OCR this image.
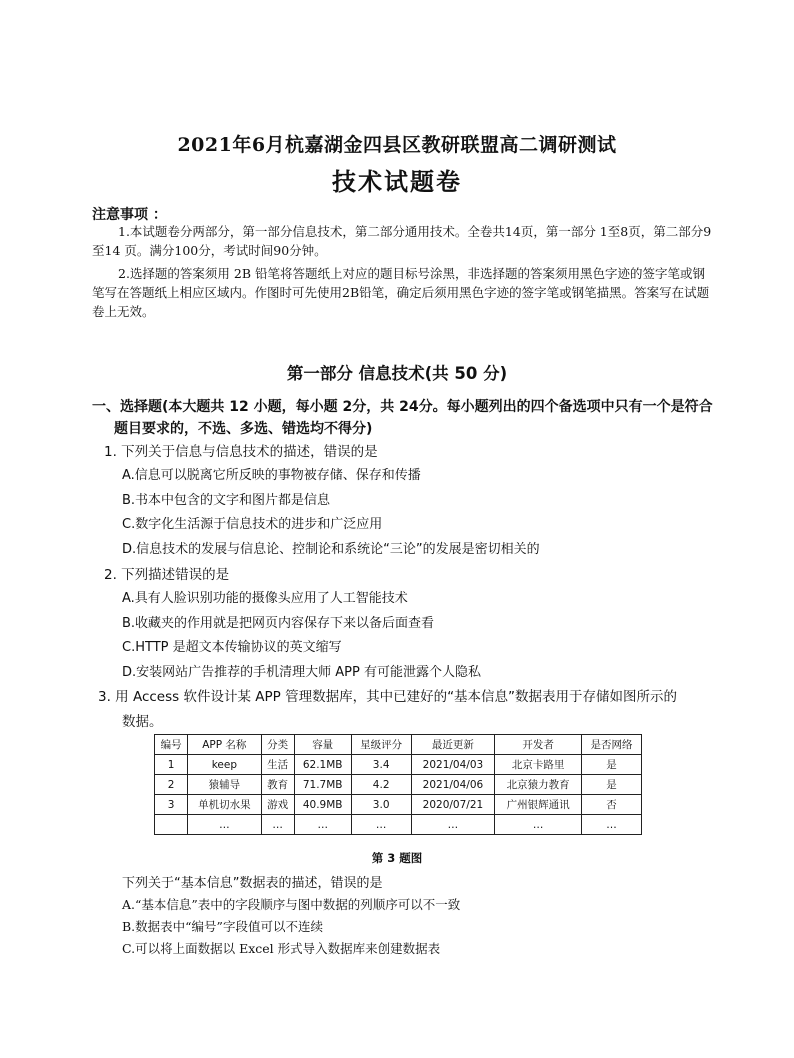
2021年6月杭嘉湖金四县区教研联盟高二调研测试
技术试题卷
注意事项 ：
1.本试题卷分两部分，第一部分信息技术，第二部分通用技术。全卷共14页，第一部分 1至8页，第二部分9至14 页。满分100分，考试时间90分钟。
2.选择题的答案须用 2B 铅笔将答题纸上对应的题目标号涂黑，非选择题的答案须用黑色字迹的签字笔或钢笔写在答题纸上相应区域内。作图时可先使用2B铅笔，确定后须用黑色字迹的签字笔或钢笔描黑。答案写在试题卷上无效。
第一部分 信息技术(共 50 分)
一、选择题(本大题共 12 小题，每小题 2分，共 24分。每小题列出的四个备选项中只有一个是符合
题目要求的，不选、多选、错选均不得分)
1. 下列关于信息与信息技术的描述，错误的是
A.信息可以脱离它所反映的事物被存储、保存和传播
B.书本中包含的文字和图片都是信息
C.数字化生活源于信息技术的进步和广泛应用
D.信息技术的发展与信息论、控制论和系统论“三论”的发展是密切相关的
2. 下列描述错误的是
A.具有人脸识别功能的摄像头应用了人工智能技术
B.收藏夹的作用就是把网页内容保存下来以备后面查看
C.HTTP 是超文本传输协议的英文缩写
D.安装网站广告推荐的手机清理大师 APP 有可能泄露个人隐私
3. 用 Access 软件设计某 APP 管理数据库，其中已建好的“基本信息”数据表用于存储如图所示的
数据。
编号	APP 名称	分类	容量	星级评分	最近更新	开发者	是否网络
1	keep	生活	62.1MB	3.4	2021/04/03	北京卡路里	是
2	猿辅导	教育	71.7MB	4.2	2021/04/06	北京猿力教育	是
3	单机切水果	游戏	40.9MB	3.0	2020/07/21	广州银辉通讯	否
	…	…	…	…	…	…	…
第 3 题图
下列关于“基本信息”数据表的描述，错误的是
A.“基本信息”表中的字段顺序与图中数据的列顺序可以不一致
B.数据表中“编号”字段值可以不连续
C.可以将上面数据以 Excel 形式导入数据库来创建数据表
